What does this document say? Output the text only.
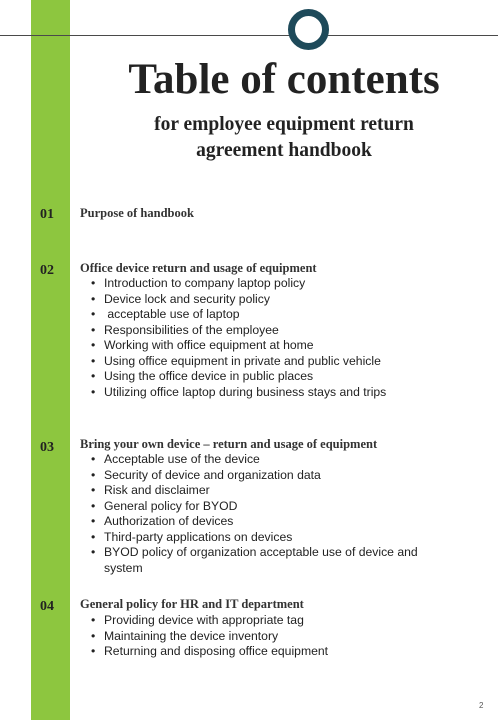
Table of contents
for employee equipment return
agreement handbook
01	Purpose of handbook
02	Office device return and usage of equipment
• Introduction to company laptop policy
• Device lock and security policy
•  acceptable use of laptop
• Responsibilities of the employee
• Working with office equipment at home
• Using office equipment in private and public vehicle
• Using the office device in public places
• Utilizing office laptop during business stays and trips
03	Bring your own device – return and usage of equipment
• Acceptable use of the device
• Security of device and organization data
• Risk and disclaimer
• General policy for BYOD
• Authorization of devices
• Third-party applications on devices
• BYOD policy of organization acceptable use of device and system
04	General policy for HR and IT department
• Providing device with appropriate tag
• Maintaining the device inventory
• Returning and disposing office equipment
2
